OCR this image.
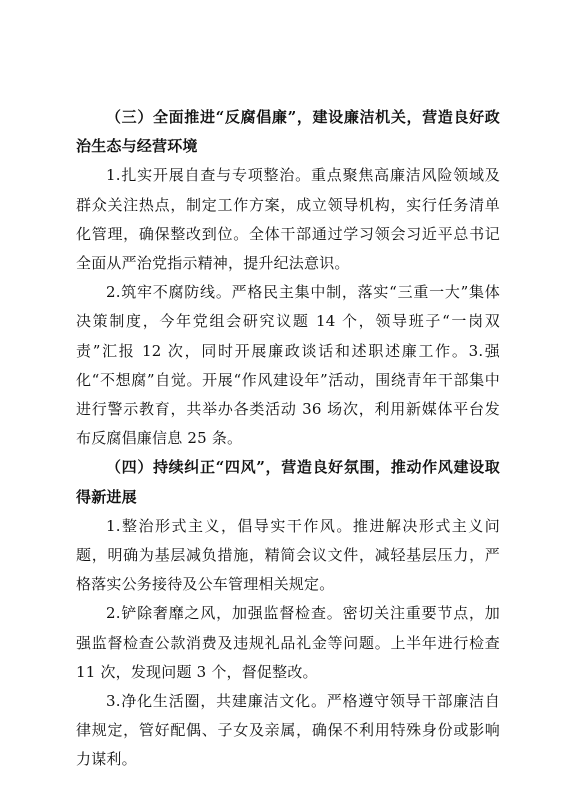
（三）全面推进“反腐倡廉”，建设廉洁机关，营造良好政治生态与经营环境

1.扎实开展自查与专项整治。重点聚焦高廉洁风险领域及群众关注热点，制定工作方案，成立领导机构，实行任务清单化管理，确保整改到位。全体干部通过学习领会习近平总书记全面从严治党指示精神，提升纪法意识。

2.筑牢不腐防线。严格民主集中制，落实“三重一大”集体决策制度，今年党组会研究议题 14 个，领导班子“一岗双责”汇报 12 次，同时开展廉政谈话和述职述廉工作。3.强化“不想腐”自觉。开展“作风建设年”活动，围绕青年干部集中进行警示教育，共举办各类活动 36 场次，利用新媒体平台发布反腐倡廉信息 25 条。

（四）持续纠正“四风”，营造良好氛围，推动作风建设取得新进展

1.整治形式主义，倡导实干作风。推进解决形式主义问题，明确为基层减负措施，精简会议文件，减轻基层压力，严格落实公务接待及公车管理相关规定。

2.铲除奢靡之风，加强监督检查。密切关注重要节点，加强监督检查公款消费及违规礼品礼金等问题。上半年进行检查 11 次，发现问题 3 个，督促整改。

3.净化生活圈，共建廉洁文化。严格遵守领导干部廉洁自律规定，管好配偶、子女及亲属，确保不利用特殊身份或影响力谋利。
